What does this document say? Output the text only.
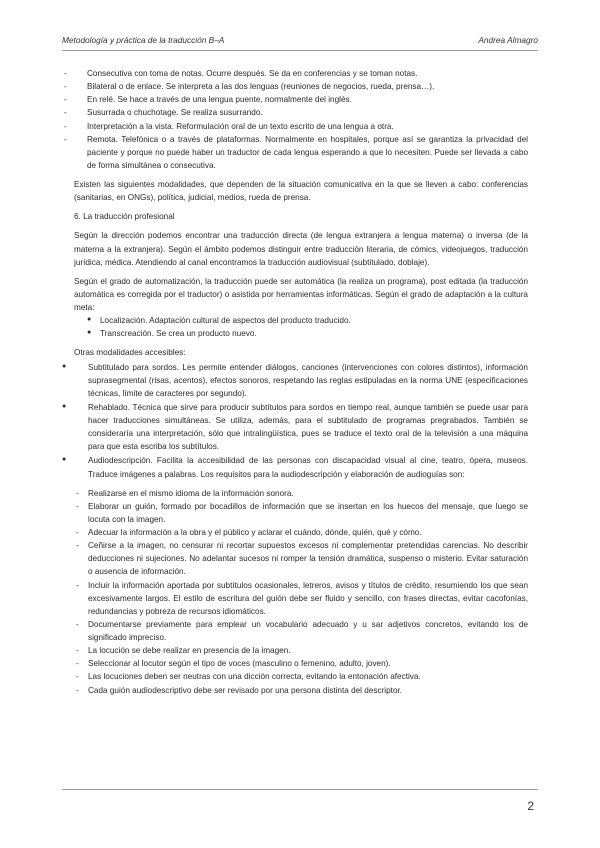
Metodología y práctica de la traducción B–A	Andrea Almagro
- Consecutiva con toma de notas. Ocurre después. Se da en conferencias y se toman notas.
- Bilateral o de enlace. Se interpreta a las dos lenguas (reuniones de negocios, rueda, prensa…).
- En relé. Se hace a través de una lengua puente, normalmente del inglés.
- Susurrada o chuchotage. Se realiza susurrando.
- Interpretación a la vista. Reformulación oral de un texto escrito de una lengua a otra.
- Remota. Telefónica o a través de plataformas. Normalmente en hospitales, porque así se garantiza la privacidad del paciente y porque no puede haber un traductor de cada lengua esperando a que lo necesiten. Puede ser llevada a cabo de forma simultánea o consecutiva.

Existen las siguientes modalidades, que dependen de la situación comunicativa en la que se lleven a cabo: conferencias (sanitarias, en ONGs), política, judicial, medios, rueda de prensa.

6. La traducción profesional

Según la dirección podemos encontrar una traducción directa (de lengua extranjera a lengua materna) o inversa (de la materna a la extranjera). Según el ámbito podemos distinguir entre traducción literaria, de cómics, videojuegos, traducción jurídica, médica. Atendiendo al canal encontramos la traducción audiovisual (subtitulado, doblaje).

Según el grado de automatización, la traducción puede ser automática (la realiza un programa), post editada (la traducción automática es corregida por el traductor) o asistida por herramientas informáticas. Según el grado de adaptación a la cultura meta:

● Localización. Adaptación cultural de aspectos del producto traducido.
● Transcreación. Se crea un producto nuevo.

Otras modalidades accesibles:

● Subtitulado para sordos. Les permite entender diálogos, canciones (intervenciones con colores distintos), información suprasegmental (risas, acentos), efectos sonoros, respetando las reglas estipuladas en la norma UNE (especificaciones técnicas, límite de caracteres por segundo).
● Rehablado. Técnica que sirve para producir subtítulos para sordos en tiempo real, aunque también se puede usar para hacer traducciones simultáneas. Se utiliza, además, para el subtitulado de programas pregrabados. También se consideraría una interpretación, sólo que intralingüística, pues se traduce el texto oral de la televisión a una máquina para que esta escriba los subtítulos.
● Audiodescripción. Facilita la accesibilidad de las personas con discapacidad visual al cine, teatro, ópera, museos. Traduce imágenes a palabras. Los requisitos para la audiodescripción y elaboración de audioguías son:
- Realizarse en el mismo idioma de la información sonora.
- Elaborar un guión, formado por bocadillos de información que se insertan en los huecos del mensaje, que luego se locuta con la imagen.
- Adecuar la información a la obra y el público y aclarar el cuándo, dónde, quién, qué y cómo.
- Ceñirse a la imagen, no censurar ni recortar supuestos excesos ni complementar pretendidas carencias. No describir deducciones ni sujeciones. No adelantar sucesos ni romper la tensión dramática, suspenso o misterio. Evitar saturación o ausencia de información.
- Incluir la información aportada por subtítulos ocasionales, letreros, avisos y títulos de crédito, resumiendo los que sean excesivamente largos. El estilo de escritura del guión debe ser fluido y sencillo, con frases directas, evitar cacofonías, redundancias y pobreza de recursos idiomáticos.
- Documentarse previamente para emplear un vocabulario adecuado y u sar adjetivos concretos, evitando los de significado impreciso.
- La locución se debe realizar en presencia de la imagen.
- Seleccionar al locutor según el tipo de voces (masculino o femenino, adulto, joven).
- Las locuciones deben ser neutras con una dicción correcta, evitando la entonación afectiva.
- Cada guión audiodescriptivo debe ser revisado por una persona distinta del descriptor.
2
